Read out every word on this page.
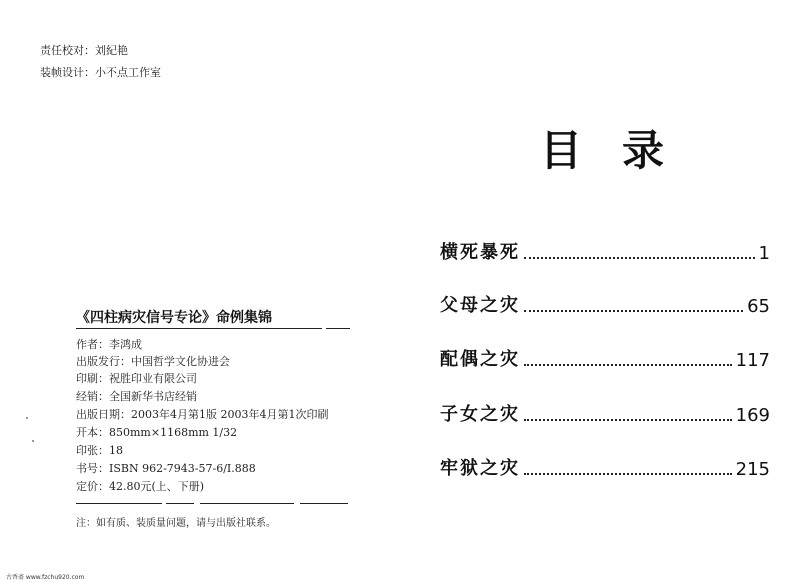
责任校对：刘紀艳
装帧设计：小不点工作室
《四柱病灾信号专论》命例集锦
作者：李鸿成
出版发行：中国哲学文化协进会
印刷：祝胜印业有限公司
经销：全国新华书店经销
出版日期：2003年4月第1版 2003年4月第1次印刷
开本：850mm×1168mm 1/32
印张：18
书号：ISBN 962-7943-57-6/I.888
定价：42.80元(上、下册)
注：如有质、装质量问题，请与出版社联系。
目录
横死暴死	1
父母之灾	65
配偶之灾	117
子女之灾	169
牢狱之灾	215
古香斋 www.fzchu920.com
